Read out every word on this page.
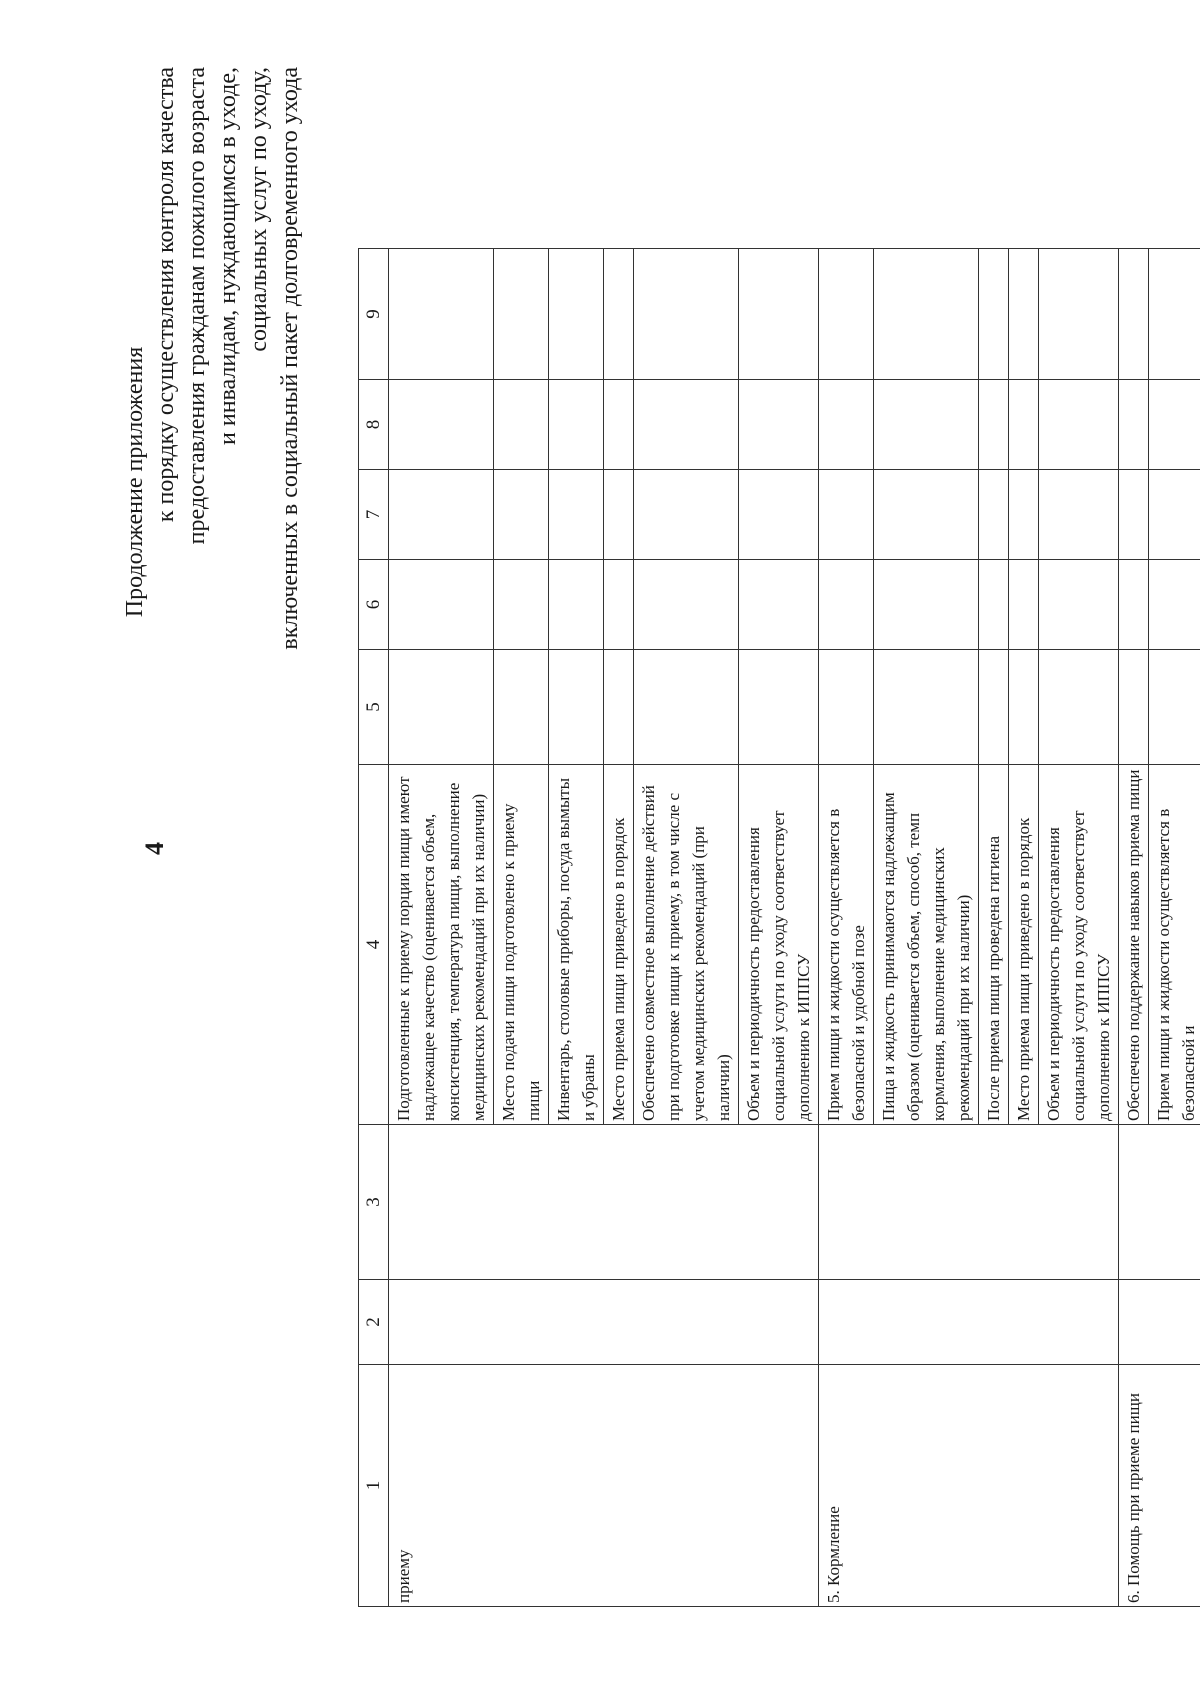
4
Продолжение приложения к порядку осуществления контроля качества предоставления гражданам пожилого возраста и инвалидам, нуждающимся в уходе, социальных услуг по уходу, включенных в социальный пакет долговременного ухода
1	2	3	4	5	6	7	8	9
приему			Подготовленные к приему порции пищи имеют надлежащее качество (оценивается объем, консистенция, температура пищи, выполнение медицинских рекомендаций при их наличии)					
			Место подачи пищи подготовлено к приему пищи					
			Инвентарь, столовые приборы, посуда вымыты и убраны					
			Место приема пищи приведено в порядок					
			Обеспечено совместное выполнение действий при подготовке пищи к приему, в том числе с учетом медицинских рекомендаций (при наличии)					
			Объем и периодичность предоставления социальной услуги по уходу соответствует дополнению к ИППСУ					
5. Кормление			Прием пищи и жидкости осуществляется в безопасной и удобной позе					
			Пища и жидкость принимаются надлежащим образом (оценивается объем, способ, темп кормления, выполнение медицинских рекомендаций при их наличии)					
			После приема пищи проведена гигиена					
			Место приема пищи приведено в порядок					
			Объем и периодичность предоставления социальной услуги по уходу соответствует дополнению к ИППСУ					
6. Помощь при приеме пищи			Обеспечено поддержание навыков приема пищи					
			Прием пищи и жидкости осуществляется в безопасной и					
